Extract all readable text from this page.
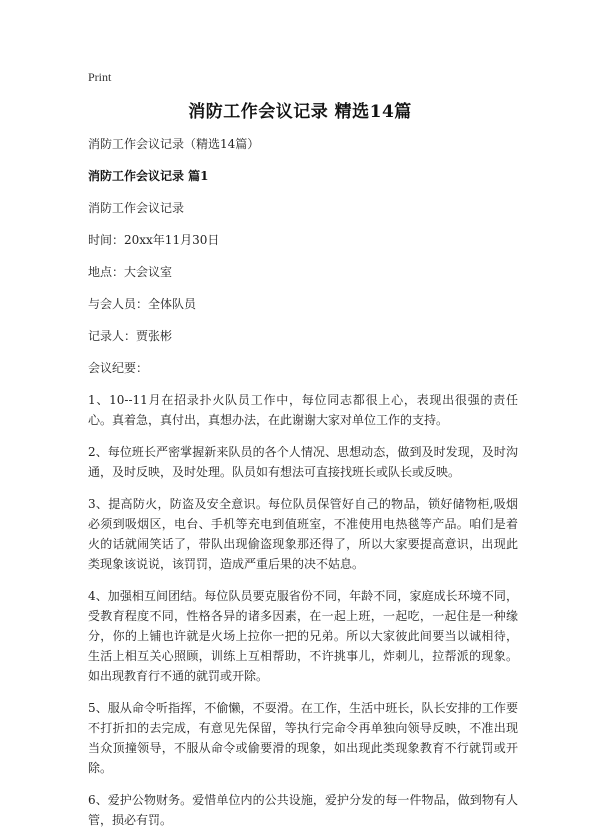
Print
消防工作会议记录 精选14篇

消防工作会议记录（精选14篇）

消防工作会议记录 篇1

消防工作会议记录

时间：20xx年11月30日

地点：大会议室

与会人员：全体队员

记录人：贾张彬

会议纪要：

1、10--11月在招录扑火队员工作中，每位同志都很上心，表现出很强的责任心。真着急，真付出，真想办法，在此谢谢大家对单位工作的支持。

2、每位班长严密掌握新来队员的各个人情况、思想动态，做到及时发现，及时沟通，及时反映，及时处理。队员如有想法可直接找班长或队长或反映。

3、提高防火，防盗及安全意识。每位队员保管好自己的物品，锁好储物柜,吸烟必须到吸烟区，电台、手机等充电到值班室，不准使用电热毯等产品。咱们是着火的话就闹笑话了，带队出现偷盗现象那还得了，所以大家要提高意识，出现此类现象该说说，该罚罚，造成严重后果的决不姑息。

4、加强相互间团结。每位队员要克服省份不同，年龄不同，家庭成长环境不同，受教育程度不同，性格各异的诸多因素，在一起上班，一起吃，一起住是一种缘分，你的上铺也许就是火场上拉你一把的兄弟。所以大家彼此间要当以诚相待，生活上相互关心照顾，训练上互相帮助，不许挑事儿，炸刺儿，拉帮派的现象。如出现教育行不通的就罚或开除。

5、服从命令听指挥，不偷懒，不耍滑。在工作，生活中班长，队长安排的工作要不打折扣的去完成，有意见先保留，等执行完命令再单独向领导反映，不准出现当众顶撞领导，不服从命令或偷要滑的现象，如出现此类现象教育不行就罚或开除。

6、爱护公物财务。爱惜单位内的公共设施，爱护分发的每一件物品，做到物有人管，损必有罚。
